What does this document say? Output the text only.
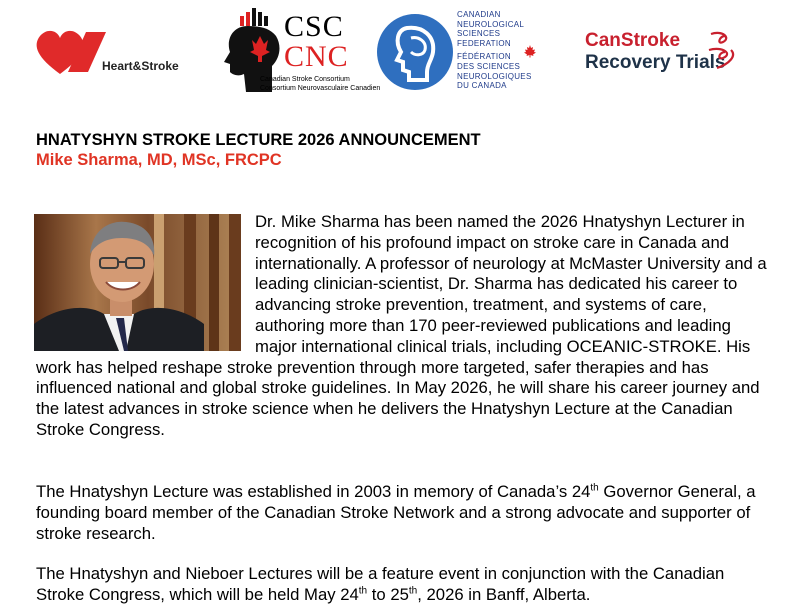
Heart&Stroke
CSC
CNC
Canadian Stroke Consortium
Consortium Neurovasculaire Canadien
CANADIAN
NEUROLOGICAL
SCIENCES
FEDERATION
FÉDÉRATION
DES SCIENCES
NEUROLOGIQUES
DU CANADA
CanStroke
Recovery Trials
HNATYSHYN STROKE LECTURE 2026 ANNOUNCEMENT
Mike Sharma, MD, MSc, FRCPC
Dr. Mike Sharma has been named the 2026 Hnatyshyn Lecturer in recognition of his profound impact on stroke care in Canada and internationally. A professor of neurology at McMaster University and a leading clinician-scientist, Dr. Sharma has dedicated his career to advancing stroke prevention, treatment, and systems of care, authoring more than 170 peer-reviewed publications and leading major international clinical trials, including OCEANIC-STROKE. His work has helped reshape stroke prevention through more targeted, safer therapies and has influenced national and global stroke guidelines. In May 2026, he will share his career journey and the latest advances in stroke science when he delivers the Hnatyshyn Lecture at the Canadian Stroke Congress.
The Hnatyshyn Lecture was established in 2003 in memory of Canada’s 24th Governor General, a founding board member of the Canadian Stroke Network and a strong advocate and supporter of stroke research.
The Hnatyshyn and Nieboer Lectures will be a feature event in conjunction with the Canadian Stroke Congress, which will be held May 24th to 25th, 2026 in Banff, Alberta.
